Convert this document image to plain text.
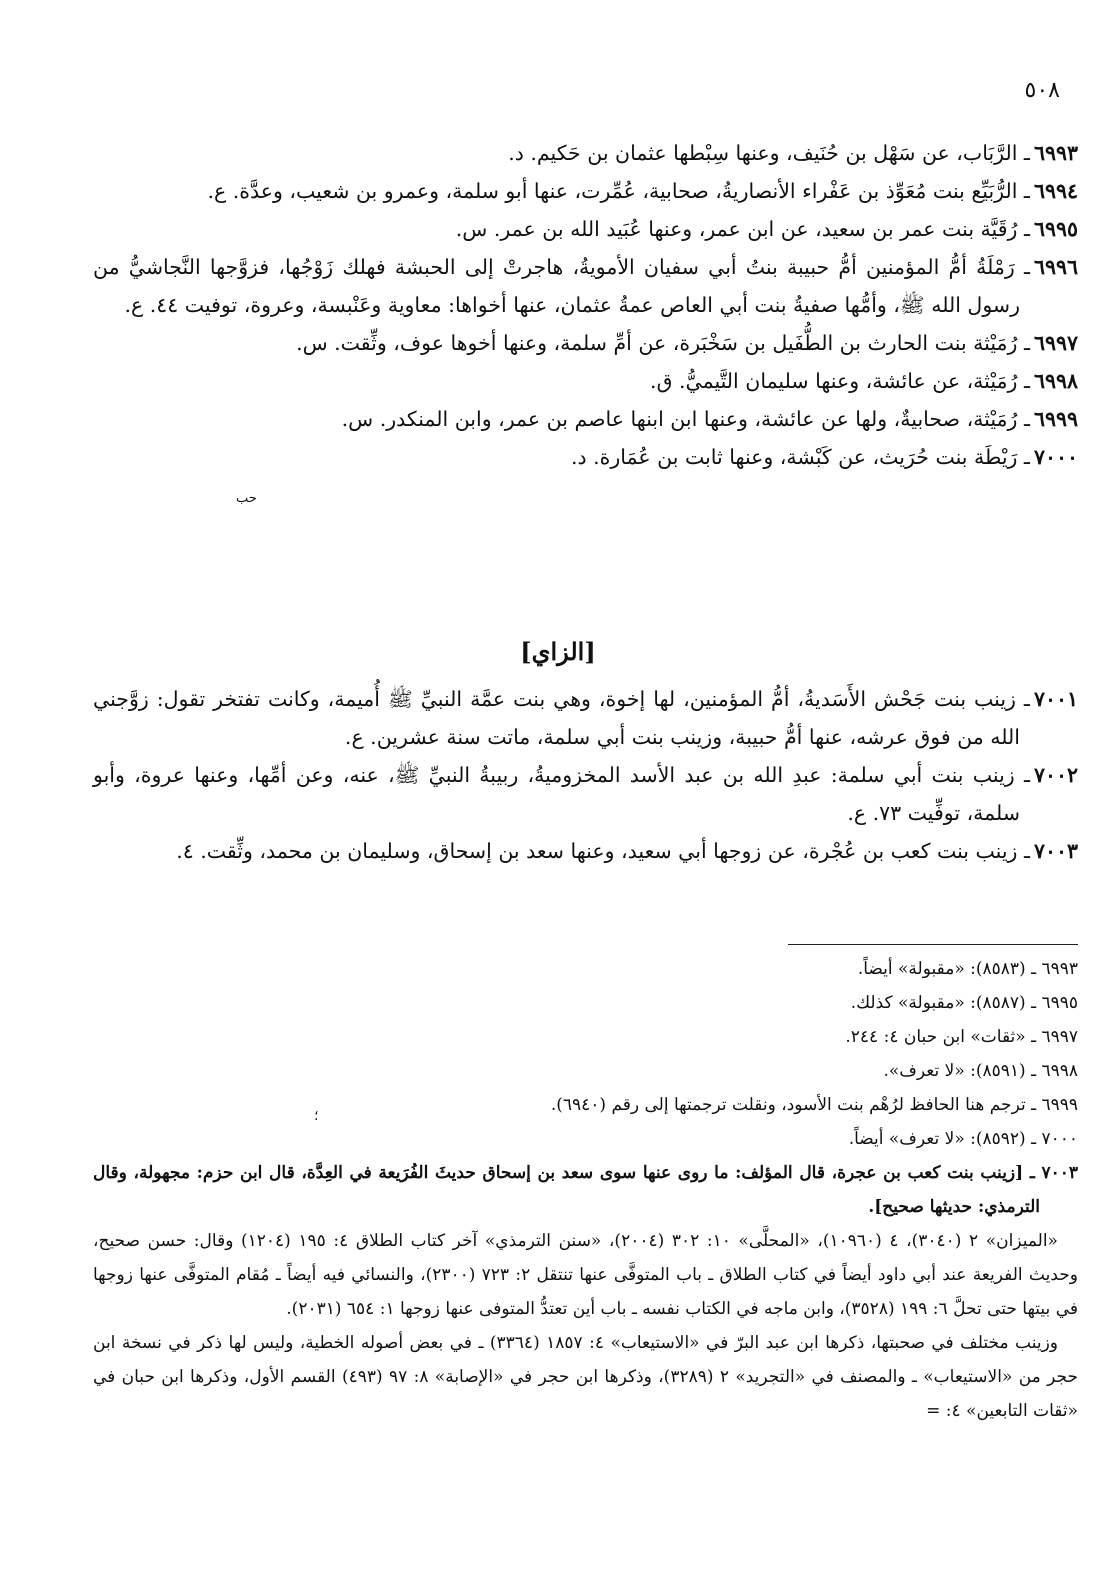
٥٠٨

٦٩٩٣ـ الرَّبَاب، عن سَهْل بن حُنَيف، وعنها سِبْطها عثمان بن حَكيم. د.

٦٩٩٤ـ الرُّبَيِّع بنت مُعَوِّذ بن عَفْراء الأنصاريةُ، صحابية، عُمِّرت، عنها أبو سلمة، وعمرو بن شعيب، وعدَّة. ع.

٦٩٩٥ـ رُقَيَّة بنت عمر بن سعيد، عن ابن عمر، وعنها عُبَيد الله بن عمر. س.

٦٩٩٦ـ رَمْلَةُ أمُّ المؤمنين أمُّ حبيبة بنتُ أبي سفيان الأمويةُ، هاجرتْ إلى الحبشة فهلك زَوْجُها، فزوَّجها النَّجاشيُّ من رسول الله ﷺ، وأمُّها صفيةُ بنت أبي العاص عمةُ عثمان، عنها أخواها: معاوية وعَنْبسة، وعروة، توفيت ٤٤. ع.

٦٩٩٧ـ رُمَيْثة بنت الحارث بن الطُّفَيل بن سَخْبَرة، عن أمِّ سلمة، وعنها أخوها عوف، وثِّقت. س.

٦٩٩٨ـ رُمَيْثة، عن عائشة، وعنها سليمان التَّيميُّ. ق.

٦٩٩٩ـ رُمَيْثة، صحابيةٌ، ولها عن عائشة، وعنها ابن ابنها عاصم بن عمر، وابن المنكدر. س.

٧٠٠٠ـ رَيْطَة بنت حُرَيث، عن كَبْشة، وعنها ثابت بن عُمَارة. د.

حب
[الزاي]

٧٠٠١ـ زينب بنت جَحْش الأَسَديةُ، أمُّ المؤمنين، لها إخوة، وهي بنت عمَّة النبيِّ ﷺ أُميمة، وكانت تفتخر تقول: زوَّجني الله من فوق عرشه، عنها أمُّ حبيبة، وزينب بنت أبي سلمة، ماتت سنة عشرين. ع.

٧٠٠٢ـ زينب بنت أبي سلمة: عبدِ الله بن عبد الأسد المخزوميةُ، ربيبةُ النبيِّ ﷺ، عنه، وعن أمِّها، وعنها عروة، وأبو سلمة، توفِّيت ٧٣. ع.

٧٠٠٣ـ زينب بنت كعب بن عُجْرة، عن زوجها أبي سعيد، وعنها سعد بن إسحاق، وسليمان بن محمد، وثِّقت. ٤.

٦٩٩٣ ـ (٨٥٨٣): «مقبولة» أيضاً.

٦٩٩٥ ـ (٨٥٨٧): «مقبولة» كذلك.

٦٩٩٧ ـ «ثقات» ابن حبان ٤: ٢٤٤.

٦٩٩٨ ـ (٨٥٩١): «لا تعرف».

٦٩٩٩ ـ ترجم هنا الحافظ لرُهْم بنت الأسود، ونقلت ترجمتها إلى رقم (٦٩٤٠).

٧٠٠٠ ـ (٨٥٩٢): «لا تعرف» أيضاً.

٧٠٠٣ ـ [زينب بنت كعب بن عجرة، قال المؤلف: ما روى عنها سوى سعد بن إسحاق حديثَ الفُرَيعة في العِدَّة، قال ابن حزم: مجهولة، وقال الترمذي: حديثها صحيح].

«الميزان» ٢ (٣٠٤٠)، ٤ (١٠٩٦٠)، «المحلَّى» ١٠: ٣٠٢ (٢٠٠٤)، «سنن الترمذي» آخر كتاب الطلاق ٤: ١٩٥ (١٢٠٤) وقال: حسن صحيح، وحديث الفريعة عند أبي داود أيضاً في كتاب الطلاق ـ باب المتوفَّى عنها تنتقل ٢: ٧٢٣ (٢٣٠٠)، والنسائي فيه أيضاً ـ مُقام المتوفَّى عنها زوجها في بيتها حتى تحلَّ ٦: ١٩٩ (٣٥٢٨)، وابن ماجه في الكتاب نفسه ـ باب أين تعتدُّ المتوفى عنها زوجها ١: ٦٥٤ (٢٠٣١).

وزينب مختلف في صحبتها، ذكرها ابن عبد البرّ في «الاستيعاب» ٤: ١٨٥٧ (٣٣٦٤) ـ في بعض أصوله الخطية، وليس لها ذكر في نسخة ابن حجر من «الاستيعاب» ـ والمصنف في «التجريد» ٢ (٣٢٨٩)، وذكرها ابن حجر في «الإصابة» ٨: ٩٧ (٤٩٣) القسم الأول، وذكرها ابن حبان في «ثقات التابعين» ٤: =

؛
